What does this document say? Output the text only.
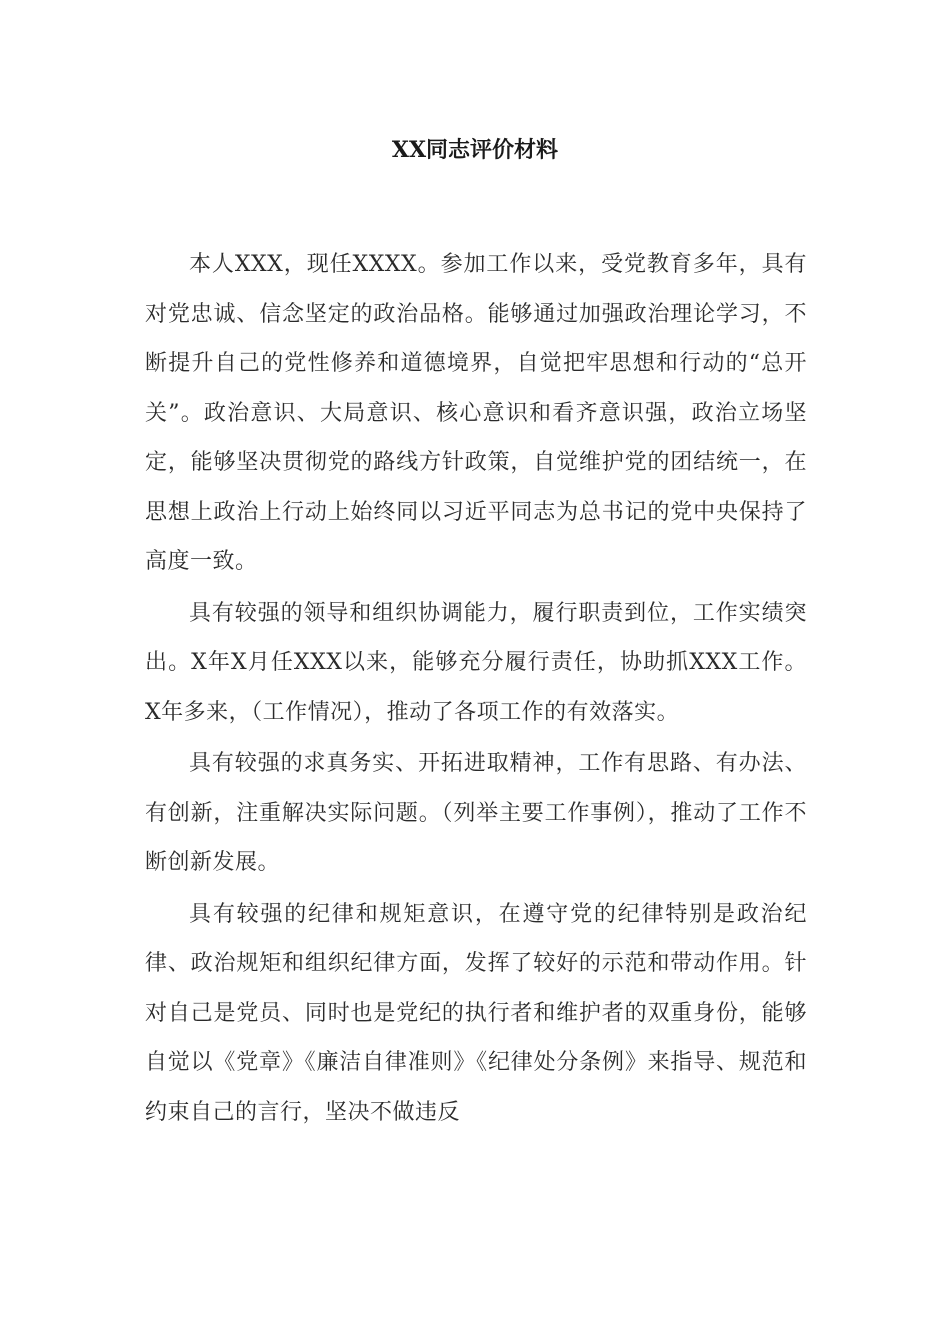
XX同志评价材料

本人XXX，现任XXXX。参加工作以来，受党教育多年，具有对党忠诚、信念坚定的政治品格。能够通过加强政治理论学习，不断提升自己的党性修养和道德境界，自觉把牢思想和行动的“总开关”。政治意识、大局意识、核心意识和看齐意识强，政治立场坚定，能够坚决贯彻党的路线方针政策，自觉维护党的团结统一，在思想上政治上行动上始终同以习近平同志为总书记的党中央保持了高度一致。

具有较强的领导和组织协调能力，履行职责到位，工作实绩突出。X年X月任XXX以来，能够充分履行责任，协助抓XXX工作。X年多来，（工作情况），推动了各项工作的有效落实。

具有较强的求真务实、开拓进取精神，工作有思路、有办法、有创新，注重解决实际问题。（列举主要工作事例），推动了工作不断创新发展。

具有较强的纪律和规矩意识，在遵守党的纪律特别是政治纪律、政治规矩和组织纪律方面，发挥了较好的示范和带动作用。针对自己是党员、同时也是党纪的执行者和维护者的双重身份，能够自觉以《党章》《廉洁自律准则》《纪律处分条例》来指导、规范和约束自己的言行，坚决不做违反
